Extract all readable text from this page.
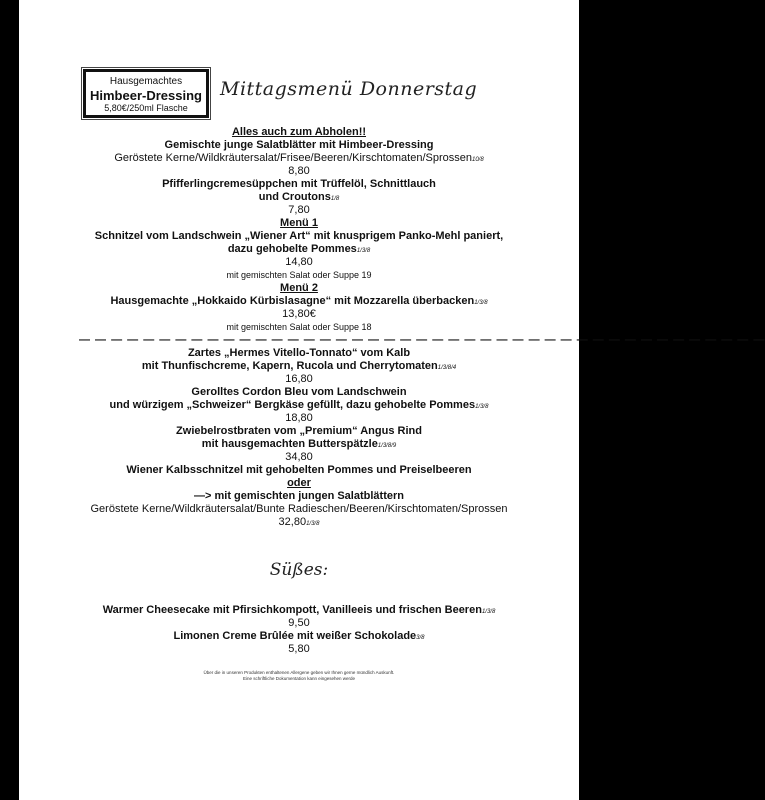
Hausgemachtes
Himbeer-Dressing
5,80€/250ml Flasche
Mittagsmenü Donnerstag
Alles auch zum Abholen!!
Gemischte junge Salatblätter mit Himbeer-Dressing
Geröstete Kerne/Wildkräutersalat/Frisee/Beeren/Kirschtomaten/Sprossen10/8
8,80
Pfifferlingcremesüppchen mit Trüffelöl, Schnittlauch
und Croutons1/8
7,80
Menü 1
Schnitzel vom Landschwein „Wiener Art“ mit knusprigem Panko-Mehl paniert,
dazu gehobelte Pommes1/3/8
14,80
mit gemischten Salat oder Suppe 19
Menü 2
Hausgemachte „Hokkaido Kürbislasagne“ mit Mozzarella überbacken1/3/8
13,80€
mit gemischten Salat oder Suppe 18
— — — — — — — — — — — — — — — — — — — — — — — — — — — — — — — — — — — — — — — — — — —
Zartes „Hermes Vitello-Tonnato“ vom Kalb
mit Thunfischcreme, Kapern, Rucola und Cherrytomaten1/3/8/4
16,80
Gerolltes Cordon Bleu vom Landschwein
und würzigem „Schweizer“ Bergkäse gefüllt, dazu gehobelte Pommes1/3/8
18,80
Zwiebelrostbraten vom „Premium“ Angus Rind
mit hausgemachten Butterspätzle1/3/8/9
34,80
Wiener Kalbsschnitzel mit gehobelten Pommes und Preiselbeeren
oder
—> mit gemischten jungen Salatblättern
Geröstete Kerne/Wildkräutersalat/Bunte Radieschen/Beeren/Kirschtomaten/Sprossen
32,801/3/8
Süßes:
Warmer Cheesecake mit Pfirsichkompott, Vanilleeis und frischen Beeren1/3/8
9,50
Limonen Creme Brûlée mit weißer Schokolade3/8
5,80
Über die in unseren Produkten enthaltenen Allergene geben wir Ihnen gerne mündlich Auskunft.
Eine schriftliche Dokumentation kann eingesehen werde
